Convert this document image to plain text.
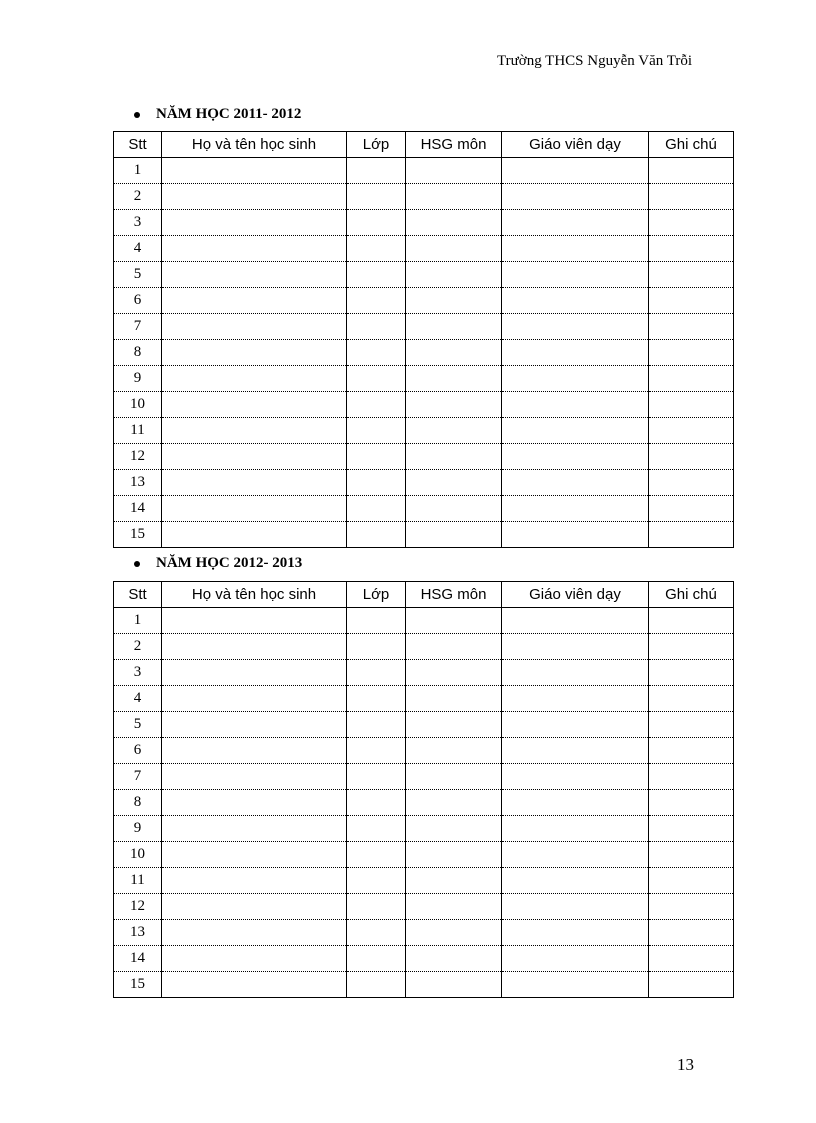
Trường THCS Nguyễn Văn Trỗi
NĂM HỌC 2011- 2012
Stt	Họ và tên học sinh	Lớp	HSG môn	Giáo viên dạy	Ghi chú
1					
2					
3					
4					
5					
6					
7					
8					
9					
10					
11					
12					
13					
14					
15					
NĂM HỌC 2012- 2013
Stt	Họ và tên học sinh	Lớp	HSG môn	Giáo viên dạy	Ghi chú
1					
2					
3					
4					
5					
6					
7					
8					
9					
10					
11					
12					
13					
14					
15					
13
